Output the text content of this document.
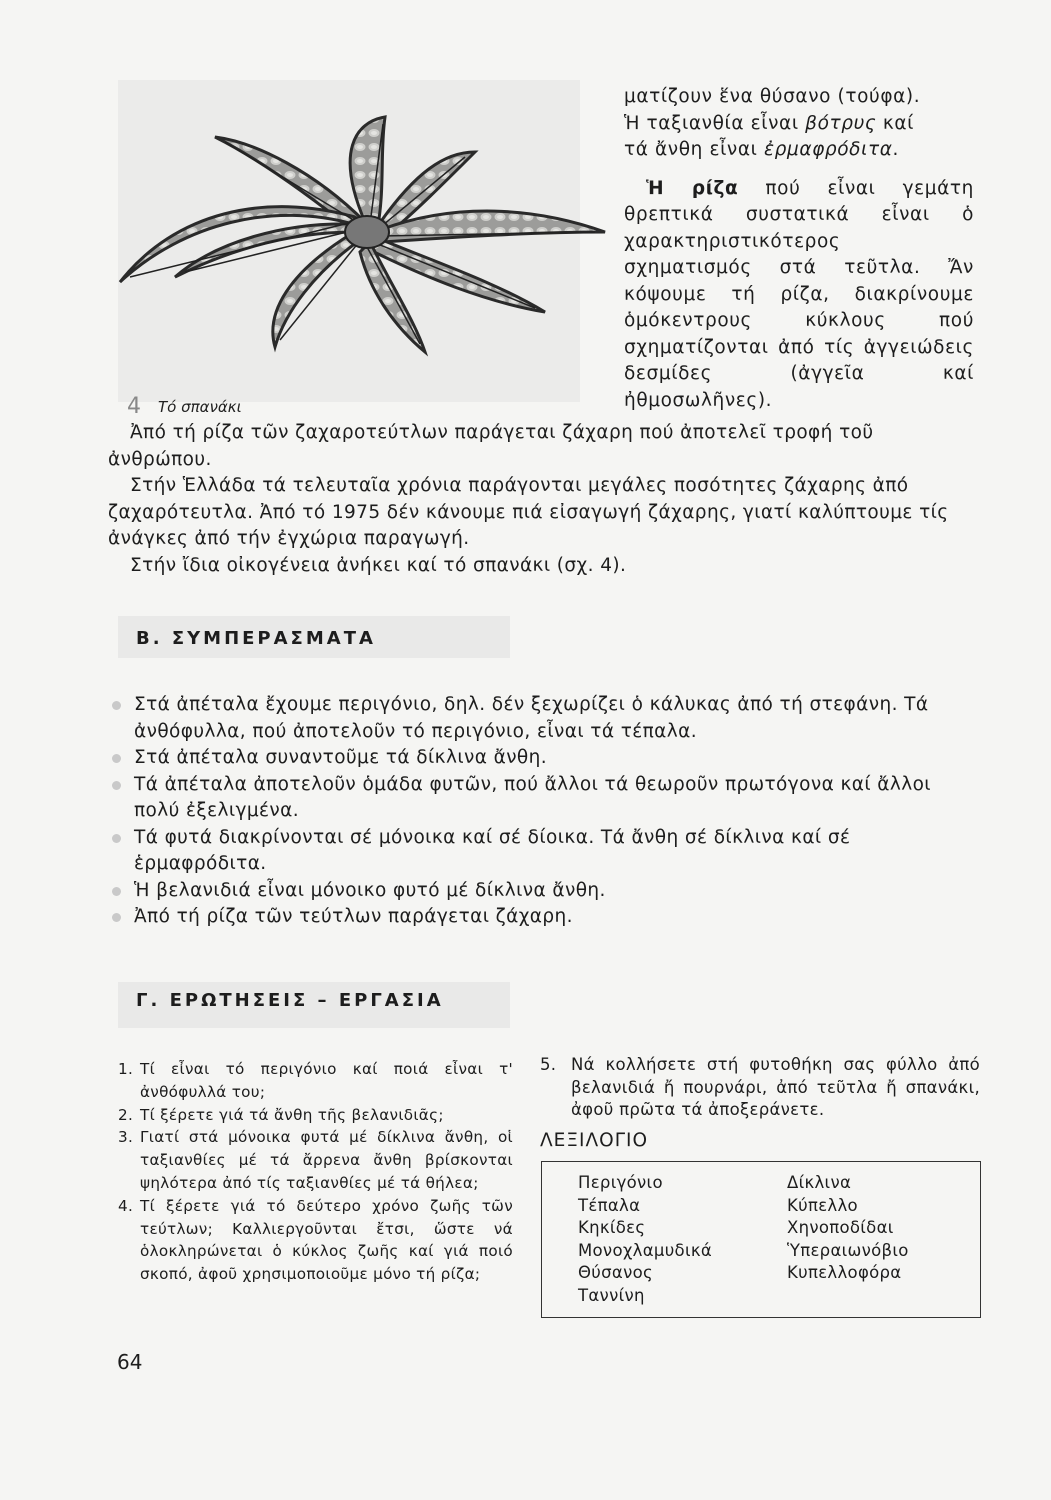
4 Τό σπανάκι

ματίζουν ἕνα θύσανο (τούφα).

Ἡ ταξιανθία εἶναι βότρυς καί

τά ἄνθη εἶναι ἐρμαφρόδιτα.

Ἡ ρίζα πού εἶναι γεμάτη θρεπτικά συστατικά εἶναι ὁ χαρακτηριστικότερος σχηματισμός στά τεῦτλα. Ἄν κόψουμε τή ρίζα, διακρίνουμε ὁμόκεντρους κύκλους πού σχηματίζονται ἀπό τίς ἀγγειώδεις δεσμίδες (ἀγγεῖα καί ἠθμοσωλῆνες).

Ἀπό τή ρίζα τῶν ζαχαροτεύτλων παράγεται ζάχαρη πού ἀποτελεῖ τροφή τοῦ ἀνθρώπου.

Στήν Ἑλλάδα τά τελευταῖα χρόνια παράγονται μεγάλες ποσότητες ζάχαρης ἀπό ζαχαρότευτλα. Ἀπό τό 1975 δέν κάνουμε πιά εἰσαγωγή ζάχαρης, γιατί καλύπτουμε τίς ἀνάγκες ἀπό τήν ἐγχώρια παραγωγή.

Στήν ἴδια οἰκογένεια ἀνήκει καί τό σπανάκι (σχ. 4).

Β. ΣΥΜΠΕΡΑΣΜΑΤΑ
Στά ἀπέταλα ἔχουμε περιγόνιο, δηλ. δέν ξεχωρίζει ὁ κάλυκας ἀπό τή στεφάνη. Τά ἀνθόφυλλα, πού ἀποτελοῦν τό περιγόνιο, εἶναι τά τέπαλα.
Στά ἀπέταλα συναντοῦμε τά δίκλινα ἄνθη.
Τά ἀπέταλα ἀποτελοῦν ὁμάδα φυτῶν, πού ἄλλοι τά θεωροῦν πρωτόγονα καί ἄλλοι πολύ ἐξελιγμένα.
Τά φυτά διακρίνονται σέ μόνοικα καί σέ δίοικα. Τά ἄνθη σέ δίκλινα καί σέ ἑρμαφρόδιτα.
Ἡ βελανιδιά εἶναι μόνοικο φυτό μέ δίκλινα ἄνθη.
Ἀπό τή ρίζα τῶν τεύτλων παράγεται ζάχαρη.
Γ. ΕΡΩΤΗΣΕΙΣ – ΕΡΓΑΣΙΑ
1. Τί εἶναι τό περιγόνιο καί ποιά εἶναι τ' ἀνθόφυλλά του;
2. Τί ξέρετε γιά τά ἄνθη τῆς βελανιδιᾶς;
3. Γιατί στά μόνοικα φυτά μέ δίκλινα ἄνθη, οἱ ταξιανθίες μέ τά ἄρρενα ἄνθη βρίσκονται ψηλότερα ἀπό τίς ταξιανθίες μέ τά θήλεα;
4. Τί ξέρετε γιά τό δεύτερο χρόνο ζωῆς τῶν τεύτλων; Καλλιεργοῦνται ἔτσι, ὥστε νά ὁλοκληρώνεται ὁ κύκλος ζωῆς καί γιά ποιό σκοπό, ἀφοῦ χρησιμοποιοῦμε μόνο τή ρίζα;
5. Νά κολλήσετε στή φυτοθήκη σας φύλλο ἀπό βελανιδιά ἤ πουρνάρι, ἀπό τεῦτλα ἤ σπανάκι, ἀφοῦ πρῶτα τά ἀποξεράνετε.
ΛΕΞΙΛΟΓΙΟ
Περιγόνιο
Τέπαλα
Κηκίδες
Μονοχλαμυδικά
Θύσανος
Ταννίνη
Δίκλινα
Κύπελλο
Χηνοποδίδαι
Ὑπεραιωνόβιο
Κυπελλοφόρα
64
